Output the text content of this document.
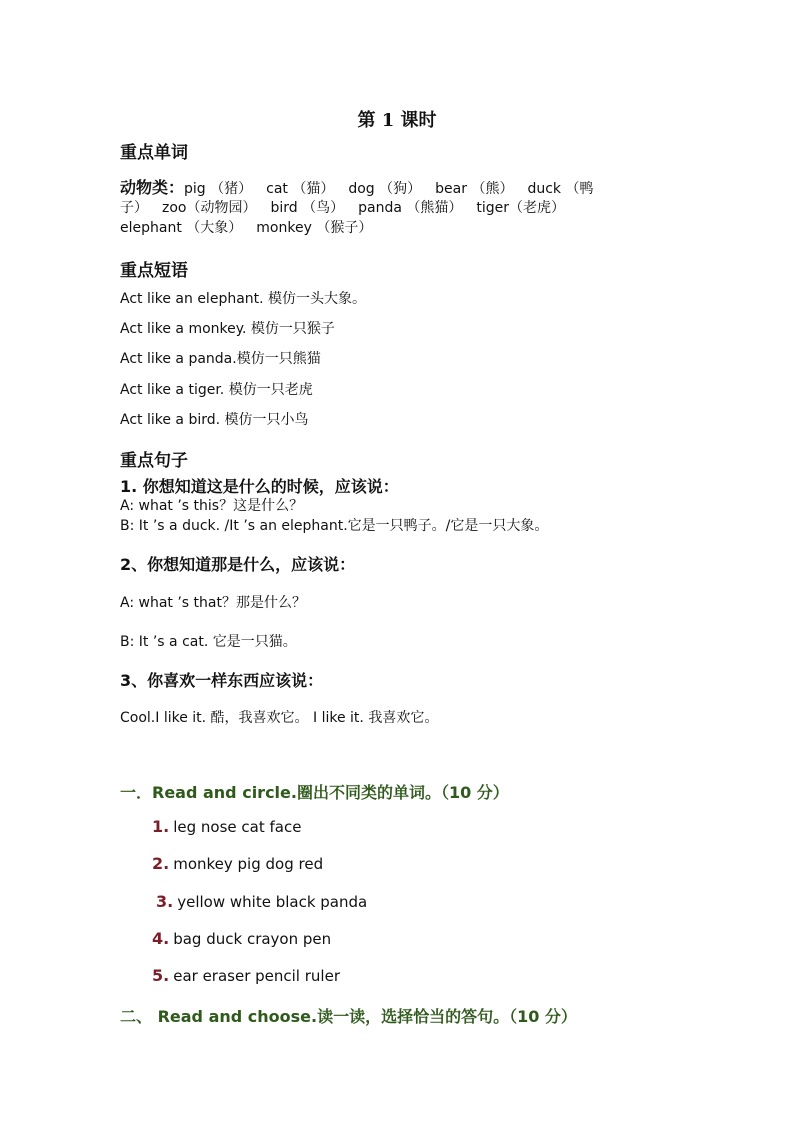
第 1 课时
重点单词
动物类：pig （猪） cat （猫） dog （狗） bear （熊） duck （鸭
子） zoo（动物园） bird （鸟） panda （熊猫） tiger（老虎）
elephant （大象） monkey （猴子）
重点短语
Act like an elephant. 模仿一头大象。
Act like a monkey. 模仿一只猴子
Act like a panda.模仿一只熊猫
Act like a tiger. 模仿一只老虎
Act like a bird. 模仿一只小鸟
重点句子
1. 你想知道这是什么的时候，应该说：
A: what ’s this？这是什么？
B: It ’s a duck. /It ’s an elephant.它是一只鸭子。/它是一只大象。
2、你想知道那是什么，应该说：
A: what ’s that？那是什么？
B: It ’s a cat. 它是一只猫。
3、你喜欢一样东西应该说：
Cool.I like it. 酷，我喜欢它。 I like it. 我喜欢它。
一．Read and circle.圈出不同类的单词。（10 分）
1. leg nose cat face
2. monkey pig dog red
3. yellow white black panda
4. bag duck crayon pen
5. ear eraser pencil ruler
二、 Read and choose.读一读，选择恰当的答句。（10 分）
